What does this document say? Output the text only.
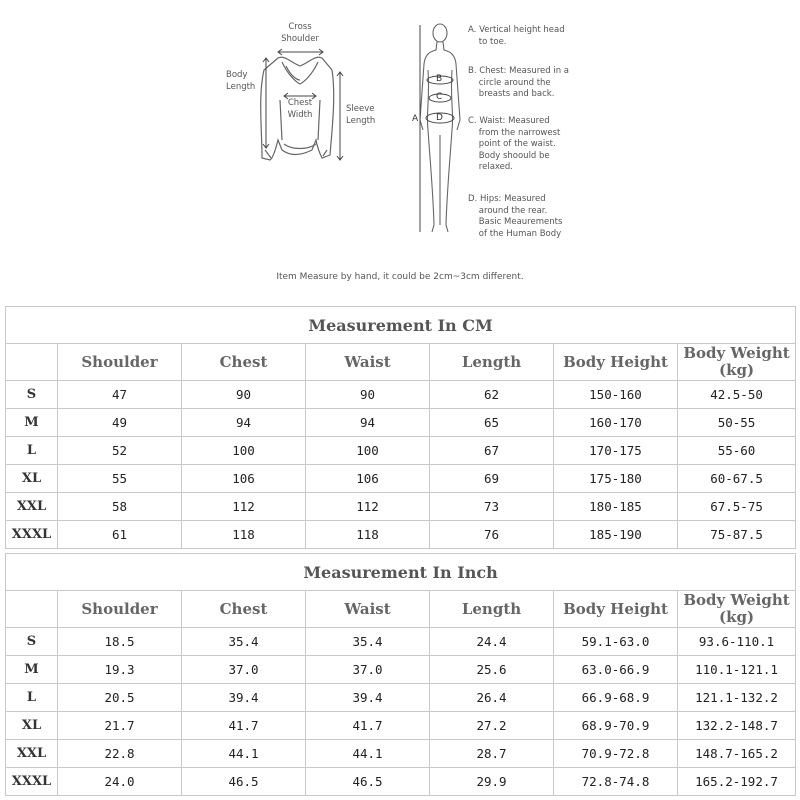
Cross
Shoulder
Body
Length
Chest
Width
Sleeve
Length	A
B
C
D
A. Vertical height head
to toe.
B. Chest: Measured in a
circle around the
breasts and back.
C. Waist: Measured
from the narrowest
point of the waist.
Body shoould be
relaxed.
D. Hips: Measured
around the rear.
Basic Meaurements
of the Human Body
Item Measure by hand, it could be 2cm~3cm different.
Measurement In CM						
	Shoulder	Chest	Waist	Length	Body Height	Body Weight
(kg)
S	47	90	90	62	150-160	42.5-50
M	49	94	94	65	160-170	50-55
L	52	100	100	67	170-175	55-60
XL	55	106	106	69	175-180	60-67.5
XXL	58	112	112	73	180-185	67.5-75
XXXL	61	118	118	76	185-190	75-87.5
Measurement In Inch						
	Shoulder	Chest	Waist	Length	Body Height	Body Weight
(kg)
S	18.5	35.4	35.4	24.4	59.1-63.0	93.6-110.1
M	19.3	37.0	37.0	25.6	63.0-66.9	110.1-121.1
L	20.5	39.4	39.4	26.4	66.9-68.9	121.1-132.2
XL	21.7	41.7	41.7	27.2	68.9-70.9	132.2-148.7
XXL	22.8	44.1	44.1	28.7	70.9-72.8	148.7-165.2
XXXL	24.0	46.5	46.5	29.9	72.8-74.8	165.2-192.7
